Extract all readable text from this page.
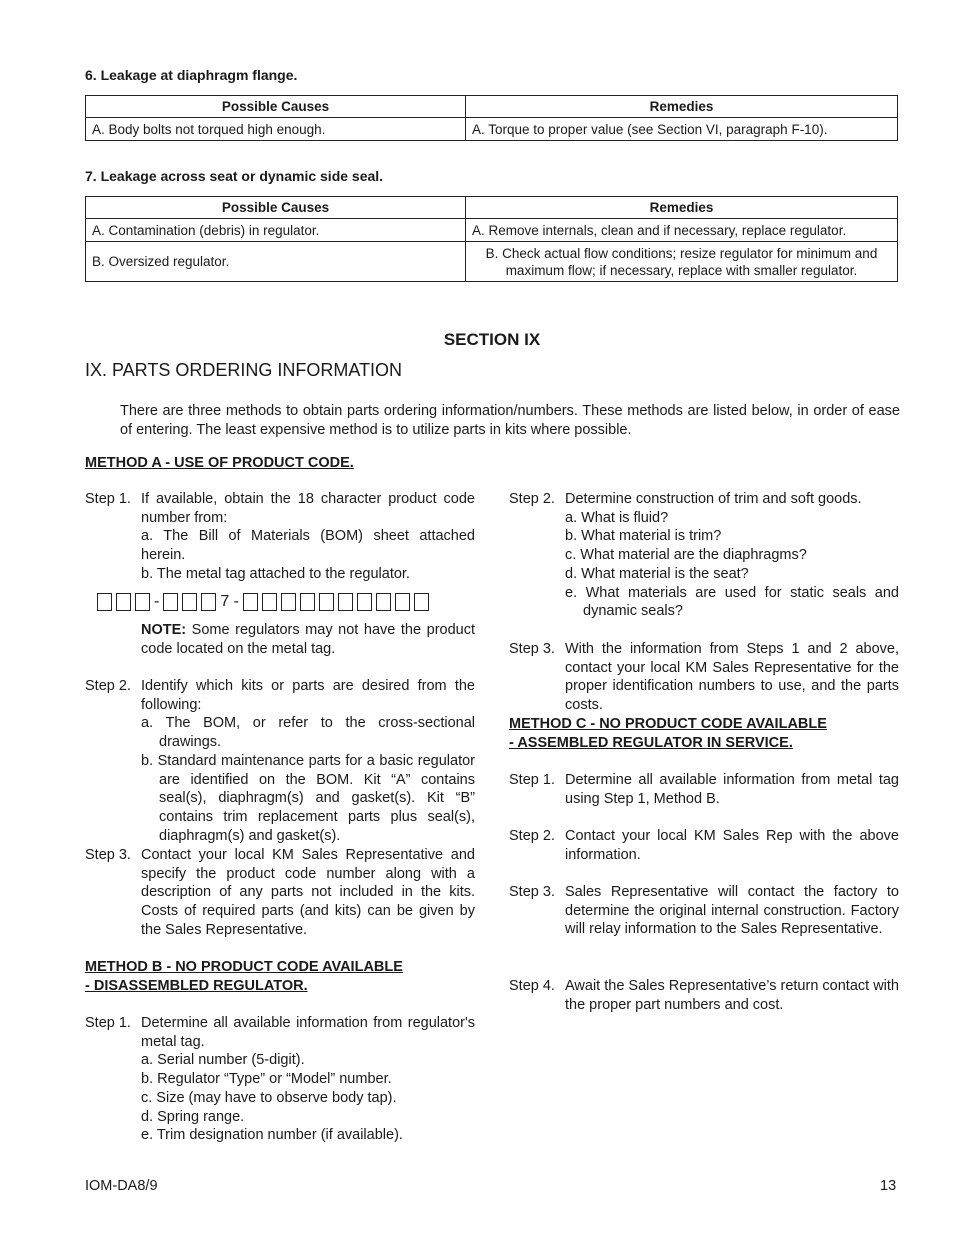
6. Leakage at diaphragm flange.
Possible Causes	Remedies
A. Body bolts not torqued high enough.	A. Torque to proper value (see Section VI, paragraph F-10).
7. Leakage across seat or dynamic side seal.
Possible Causes	Remedies
A. Contamination (debris) in regulator.	A. Remove internals, clean and if necessary, replace regulator.
B. Oversized regulator.	B. Check actual flow conditions; resize regulator for minimum and
maximum flow; if necessary, replace with smaller regulator.
SECTION IX
IX. PARTS ORDERING INFORMATION
There are three methods to obtain parts ordering information/numbers. These methods are listed below, in order of ease of entering. The least expensive method is to utilize parts in kits where possible.
METHOD A - USE OF PRODUCT CODE.
Step 1. If available, obtain the 18 character product code number from:
a. The Bill of Materials (BOM) sheet attached herein.
b. The metal tag attached to the regulator.
-	7 -
NOTE: Some regulators may not have the product code located on the metal tag.
Step 2. Identify which kits or parts are desired from the following:
a. The BOM, or refer to the cross-sectional drawings.
b. Standard maintenance parts for a basic regulator are identified on the BOM. Kit “A” contains seal(s), diaphragm(s) and gasket(s). Kit “B” contains trim replacement parts plus seal(s), diaphragm(s) and gasket(s).
Step 3. Contact your local KM Sales Representative and specify the product code number along with a description of any parts not included in the kits. Costs of required parts (and kits) can be given by the Sales Representative.
METHOD B - NO PRODUCT CODE AVAILABLE
- DISASSEMBLED REGULATOR.
Step 1. Determine all available information from regulator's metal tag.
a. Serial number (5-digit).
b. Regulator “Type” or “Model” number.
c. Size (may have to observe body tap).
d. Spring range.
e. Trim designation number (if available).
Step 2. Determine construction of trim and soft goods.
a. What is fluid?
b. What material is trim?
c. What material are the diaphragms?
d. What material is the seat?
e. What materials are used for static seals and dynamic seals?
Step 3. With the information from Steps 1 and 2 above, contact your local KM Sales Representative for the proper identification numbers to use, and the parts costs.
METHOD C - NO PRODUCT CODE AVAILABLE
- ASSEMBLED REGULATOR IN SERVICE.
Step 1. Determine all available information from metal tag using Step 1, Method B.
Step 2. Contact your local KM Sales Rep with the above information.
Step 3. Sales Representative will contact the factory to determine the original internal construction. Factory will relay information to the Sales Representative.
Step 4. Await the Sales Representative’s return contact with the proper part numbers and cost.
IOM-DA8/9	13
